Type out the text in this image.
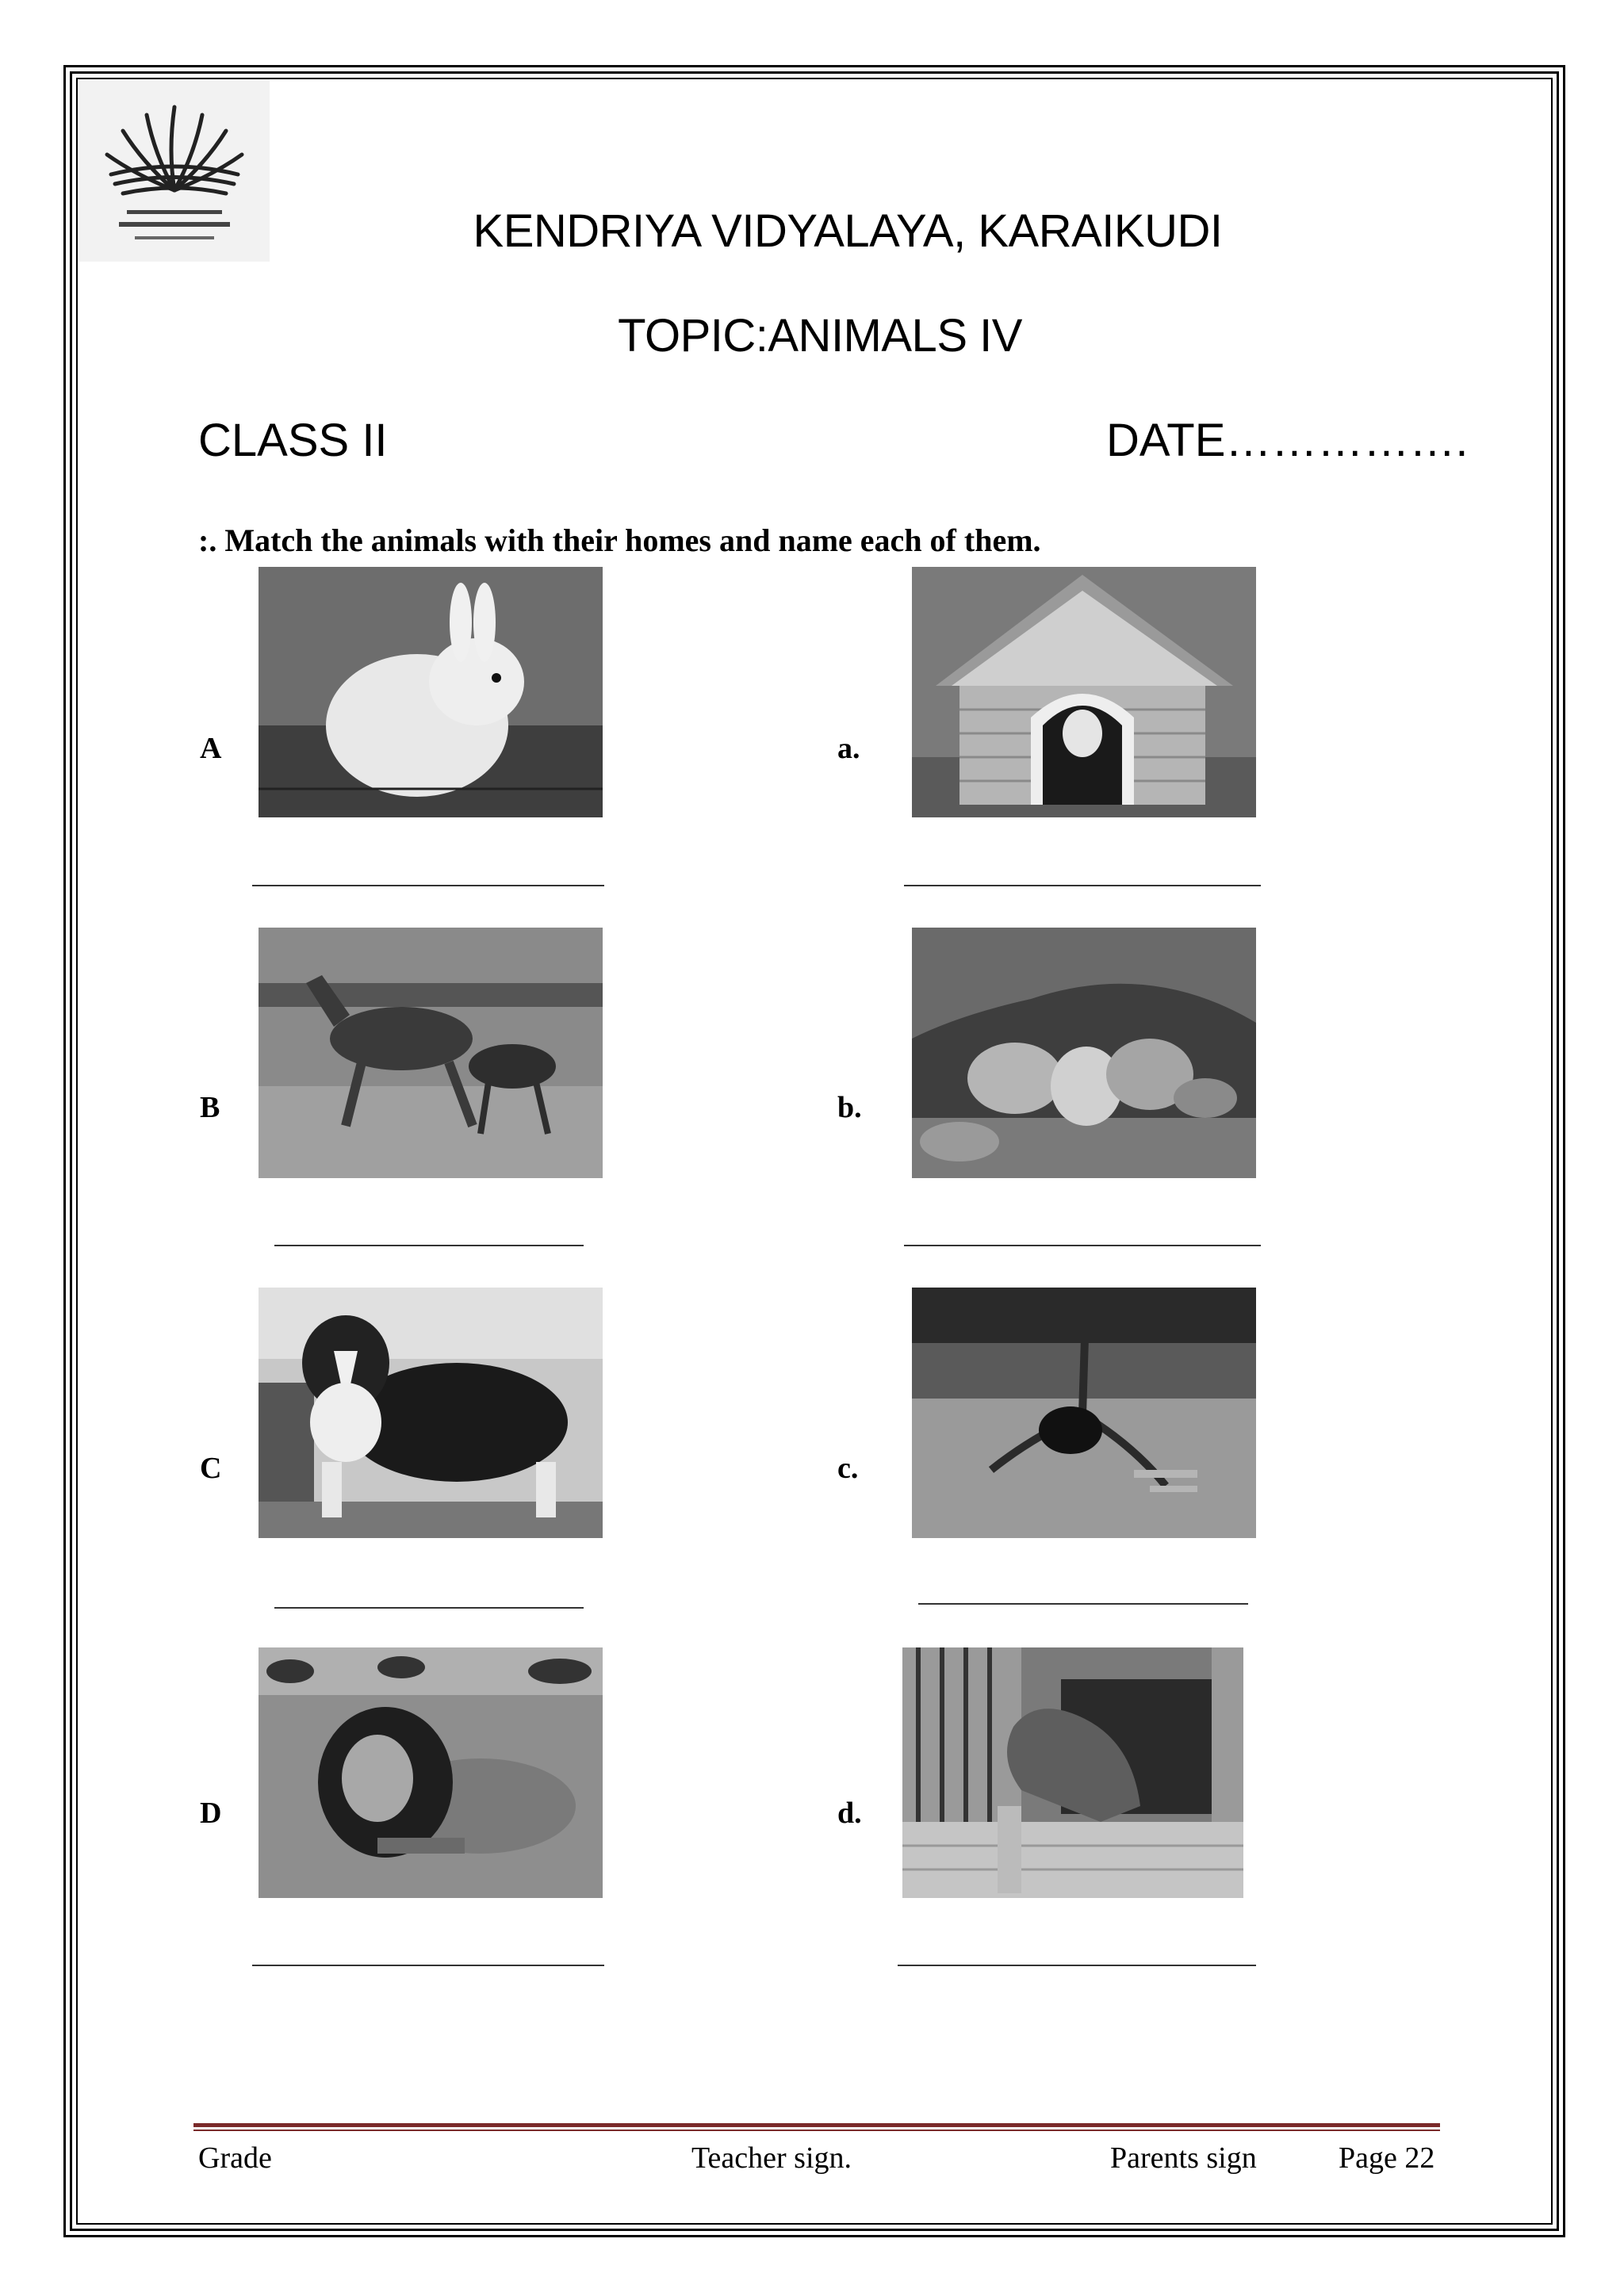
KENDRIYA VIDYALAYA, KARAIKUDI
TOPIC:ANIMALS IV
CLASS II	DATE…………….
:. Match the animals with their homes and name each of them.
A
B
C
D
a.
b.
c.
d.
Grade	Teacher sign.	Parents sign	Page 22
